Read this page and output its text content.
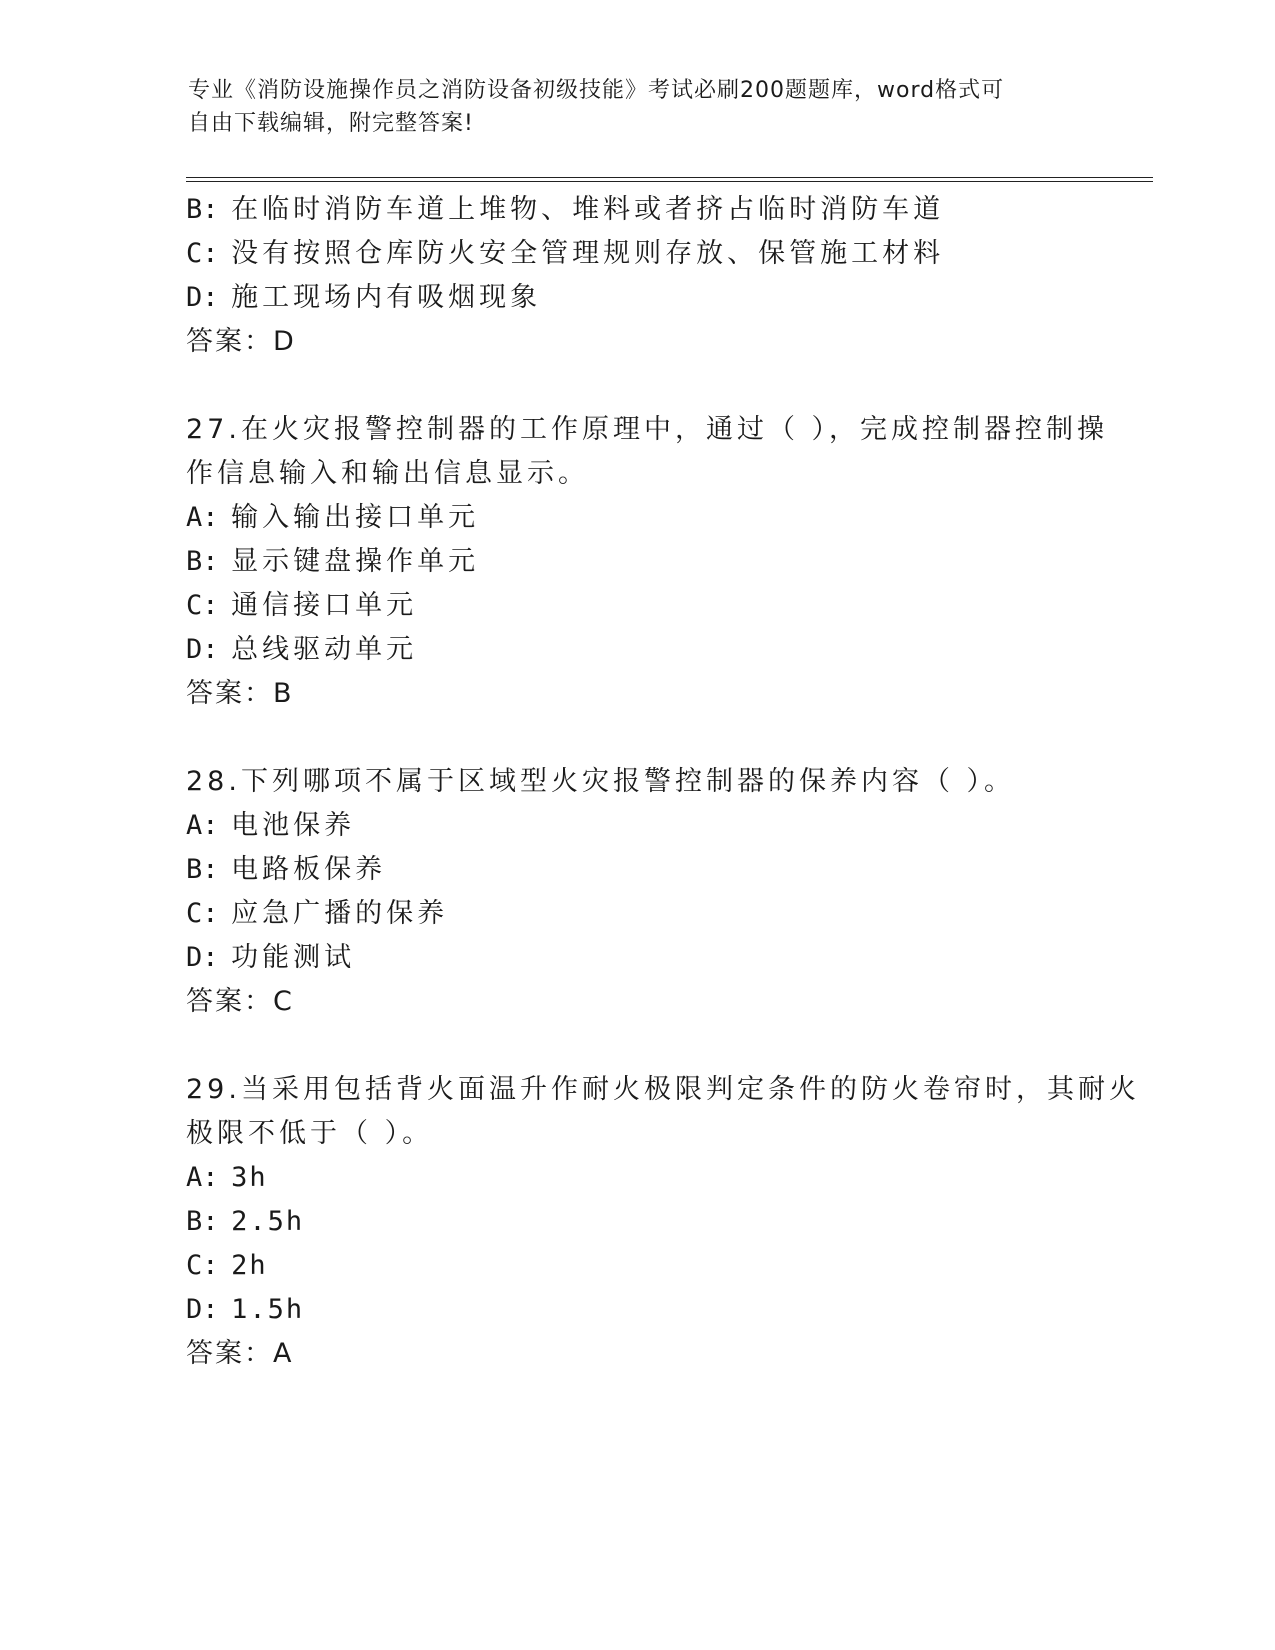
专业《消防设施操作员之消防设备初级技能》考试必刷200题题库，word格式可
自由下载编辑，附完整答案!
B: 在临时消防车道上堆物、堆料或者挤占临时消防车道
C: 没有按照仓库防火安全管理规则存放、保管施工材料
D: 施工现场内有吸烟现象
答案：D
27.在火灾报警控制器的工作原理中，通过（ ），完成控制器控制操
作信息输入和输出信息显示。
A: 输入输出接口单元
B: 显示键盘操作单元
C: 通信接口单元
D: 总线驱动单元
答案：B
28.下列哪项不属于区域型火灾报警控制器的保养内容（ ）。
A: 电池保养
B: 电路板保养
C: 应急广播的保养
D: 功能测试
答案：C
29.当采用包括背火面温升作耐火极限判定条件的防火卷帘时，其耐火
极限不低于（ ）。
A: 3h
B: 2.5h
C: 2h
D: 1.5h
答案：A
